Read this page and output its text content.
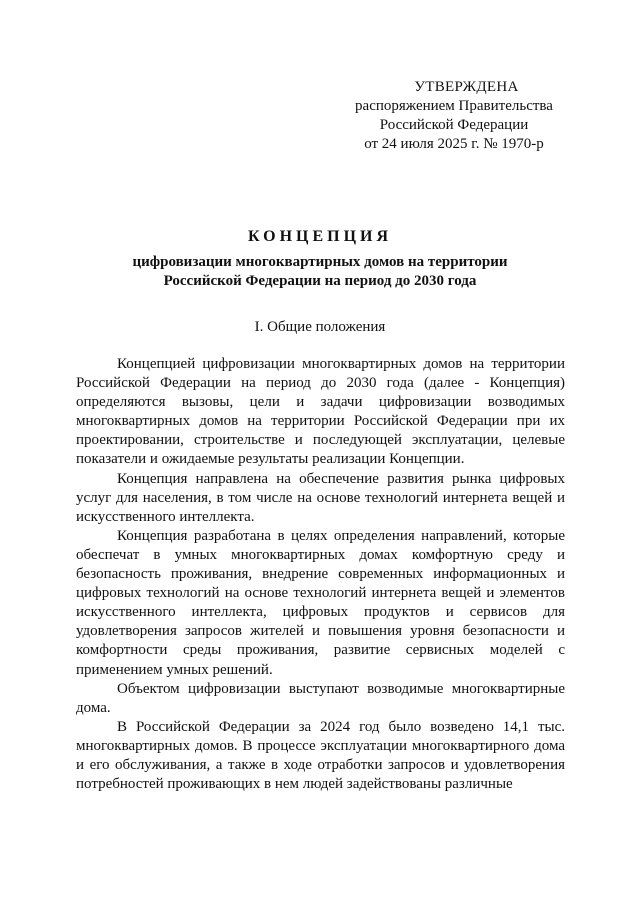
УТВЕРЖДЕНА
распоряжением Правительства
Российской Федерации
от 24 июля 2025 г. № 1970-р
КОНЦЕПЦИЯ

цифровизации многоквартирных домов на территории

Российской Федерации на период до 2030 года

I. Общие положения

Концепцией цифровизации многоквартирных домов на территории Российской Федерации на период до 2030 года (далее - Концепция) определяются вызовы, цели и задачи цифровизации возводимых многоквартирных домов на территории Российской Федерации при их проектировании, строительстве и последующей эксплуатации, целевые показатели и ожидаемые результаты реализации Концепции.

Концепция направлена на обеспечение развития рынка цифровых услуг для населения, в том числе на основе технологий интернета вещей и искусственного интеллекта.

Концепция разработана в целях определения направлений, которые обеспечат в умных многоквартирных домах комфортную среду и безопасность проживания, внедрение современных информационных и цифровых технологий на основе технологий интернета вещей и элементов искусственного интеллекта, цифровых продуктов и сервисов для удовлетворения запросов жителей и повышения уровня безопасности и комфортности среды проживания, развитие сервисных моделей с применением умных решений.

Объектом цифровизации выступают возводимые многоквартирные дома.

В Российской Федерации за 2024 год было возведено 14,1 тыс. многоквартирных домов. В процессе эксплуатации многоквартирного дома и его обслуживания, а также в ходе отработки запросов и удовлетворения потребностей проживающих в нем людей задействованы различные
